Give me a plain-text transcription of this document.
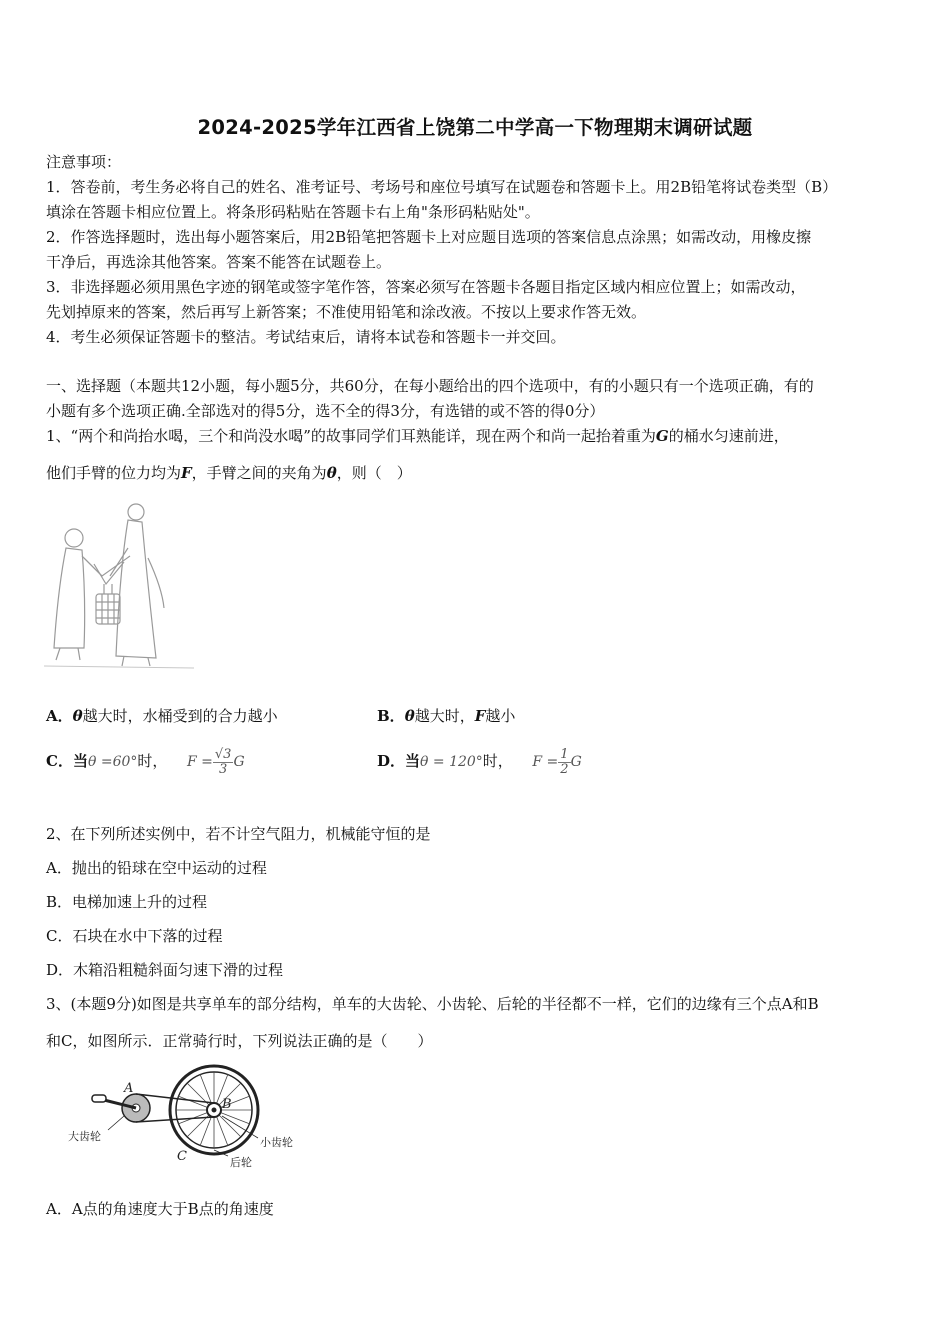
2024-2025学年江西省上饶第二中学高一下物理期末调研试题
注意事项：
1．答卷前，考生务必将自己的姓名、准考证号、考场号和座位号填写在试题卷和答题卡上。用2B铅笔将试卷类型（B）
填涂在答题卡相应位置上。将条形码粘贴在答题卡右上角"条形码粘贴处"。
2．作答选择题时，选出每小题答案后，用2B铅笔把答题卡上对应题目选项的答案信息点涂黑；如需改动，用橡皮擦
干净后，再选涂其他答案。答案不能答在试题卷上。
3．非选择题必须用黑色字迹的钢笔或签字笔作答，答案必须写在答题卡各题目指定区域内相应位置上；如需改动，
先划掉原来的答案，然后再写上新答案；不准使用铅笔和涂改液。不按以上要求作答无效。
4．考生必须保证答题卡的整洁。考试结束后，请将本试卷和答题卡一并交回。
一、选择题（本题共12小题，每小题5分，共60分，在每小题给出的四个选项中，有的小题只有一个选项正确，有的
小题有多个选项正确.全部选对的得5分，选不全的得3分，有选错的或不答的得0分）
1、“两个和尚抬水喝，三个和尚没水喝”的故事同学们耳熟能详，现在两个和尚一起抬着重为G的桶水匀速前进，
他们手臂的位力均为F，手臂之间的夹角为θ，则（　）
A．θ越大时，水桶受到的合力越小	B．θ越大时，F越小
C．当θ =60°时， $F = \frac{√3}{3}$ G	D．当θ = 120°时， $F = \frac{1}{2}$ G
2、在下列所述实例中，若不计空气阻力，机械能守恒的是
A．抛出的铅球在空中运动的过程
B．电梯加速上升的过程
C．石块在水中下落的过程
D．木箱沿粗糙斜面匀速下滑的过程
3、(本题9分)如图是共享单车的部分结构，单车的大齿轮、小齿轮、后轮的半径都不一样，它们的边缘有三个点A和B
和C，如图所示．正常骑行时，下列说法正确的是（　　）
A
B
C
大齿轮	小齿轮
后轮
A．A点的角速度大于B点的角速度
